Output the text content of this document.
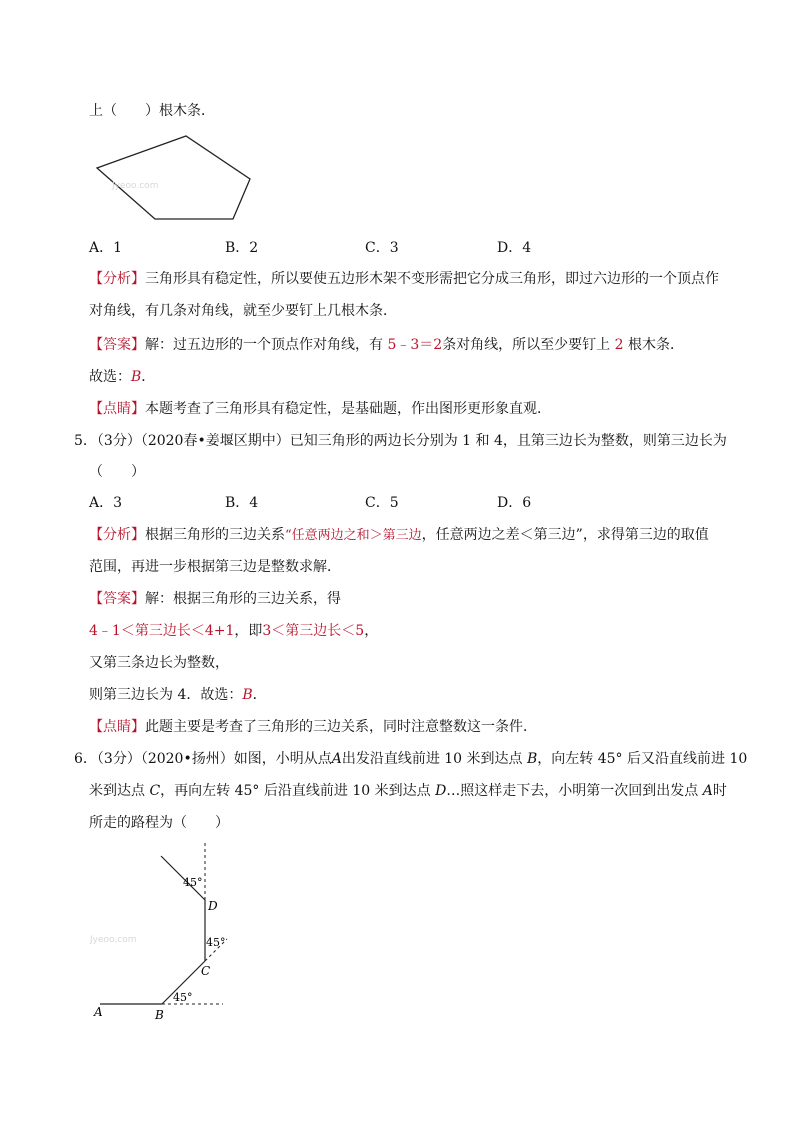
上（　　）根木条．
Jyeoo.com
A．1	B．2	C．3	D．4
【分析】三角形具有稳定性，所以要使五边形木架不变形需把它分成三角形，即过六边形的一个顶点作
对角线，有几条对角线，就至少要钉上几根木条．
【答案】解：过五边形的一个顶点作对角线，有 5﹣3＝2条对角线，所以至少要钉上 2 根木条．
故选：B．
【点睛】本题考查了三角形具有稳定性，是基础题，作出图形更形象直观．
5．（3分）（2020春•姜堰区期中）已知三角形的两边长分别为 1 和 4，且第三边长为整数，则第三边长为
（　　）
A．3	B．4	C．5	D．6
【分析】根据三角形的三边关系“任意两边之和＞第三边，任意两边之差＜第三边”，求得第三边的取值
范围，再进一步根据第三边是整数求解．
【答案】解：根据三角形的三边关系，得
4﹣1＜第三边长＜4+1，即3＜第三边长＜5，
又第三条边长为整数，
则第三边长为 4．故选：B．
【点睛】此题主要是考查了三角形的三边关系，同时注意整数这一条件．
6．（3分）（2020•扬州）如图，小明从点A出发沿直线前进 10 米到达点 B，向左转 45° 后又沿直线前进 10
米到达点 C，再向左转 45° 后沿直线前进 10 米到达点 D…照这样走下去，小明第一次回到出发点 A时
所走的路程为（　　）
45°
45°
45°
A	B
C
D
Jyeoo.com
